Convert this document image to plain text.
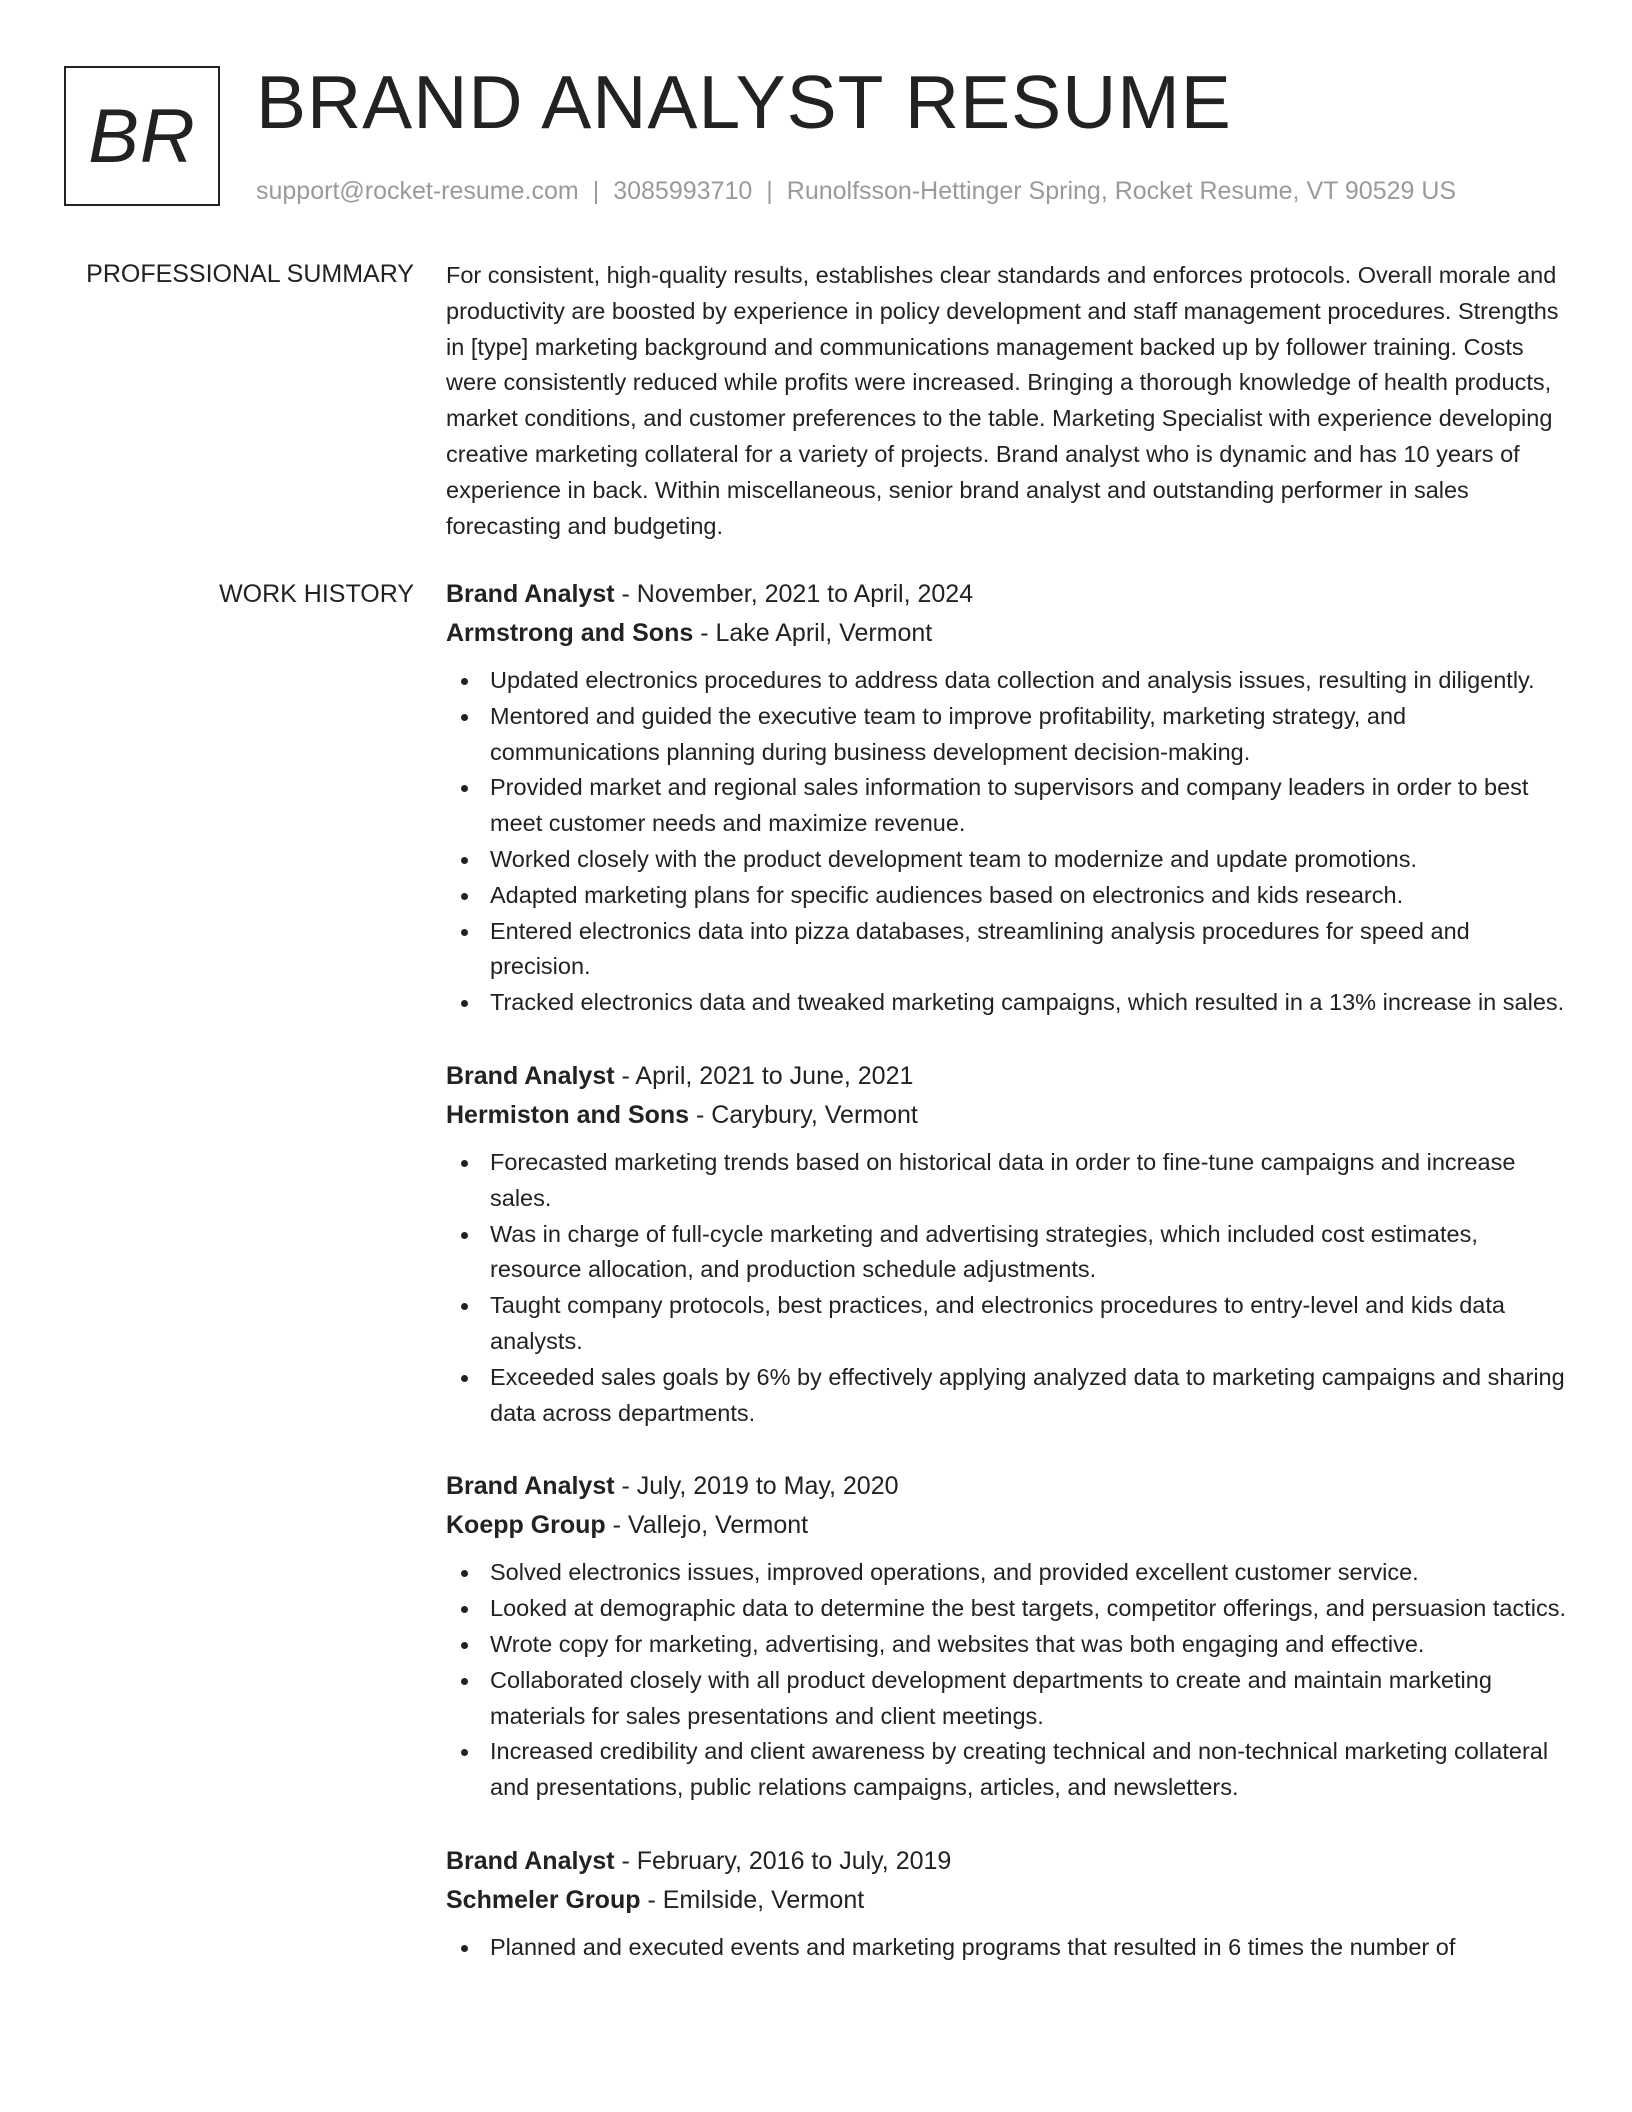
BR BRAND ANALYST RESUME
support@rocket-resume.com | 3085993710 | Runolfsson-Hettinger Spring, Rocket Resume, VT 90529 US
PROFESSIONAL SUMMARY For consistent, high-quality results, establishes clear standards and enforces protocols. Overall morale and productivity are boosted by experience in policy development and staff management procedures. Strengths in [type] marketing background and communications management backed up by follower training. Costs were consistently reduced while profits were increased. Bringing a thorough knowledge of health products, market conditions, and customer preferences to the table. Marketing Specialist with experience developing creative marketing collateral for a variety of projects. Brand analyst who is dynamic and has 10 years of experience in back. Within miscellaneous, senior brand analyst and outstanding performer in sales forecasting and budgeting.

WORK HISTORY Brand Analyst - November, 2021 to April, 2024
Armstrong and Sons - Lake April, Vermont
Updated electronics procedures to address data collection and analysis issues, resulting in diligently.
Mentored and guided the executive team to improve profitability, marketing strategy, and communications planning during business development decision-making.
Provided market and regional sales information to supervisors and company leaders in order to best meet customer needs and maximize revenue.
Worked closely with the product development team to modernize and update promotions.
Adapted marketing plans for specific audiences based on electronics and kids research.
Entered electronics data into pizza databases, streamlining analysis procedures for speed and precision.
Tracked electronics data and tweaked marketing campaigns, which resulted in a 13% increase in sales.
Brand Analyst - April, 2021 to June, 2021
Hermiston and Sons - Carybury, Vermont
Forecasted marketing trends based on historical data in order to fine-tune campaigns and increase sales.
Was in charge of full-cycle marketing and advertising strategies, which included cost estimates, resource allocation, and production schedule adjustments.
Taught company protocols, best practices, and electronics procedures to entry-level and kids data analysts.
Exceeded sales goals by 6% by effectively applying analyzed data to marketing campaigns and sharing data across departments.
Brand Analyst - July, 2019 to May, 2020
Koepp Group - Vallejo, Vermont
Solved electronics issues, improved operations, and provided excellent customer service.
Looked at demographic data to determine the best targets, competitor offerings, and persuasion tactics.
Wrote copy for marketing, advertising, and websites that was both engaging and effective.
Collaborated closely with all product development departments to create and maintain marketing materials for sales presentations and client meetings.
Increased credibility and client awareness by creating technical and non-technical marketing collateral and presentations, public relations campaigns, articles, and newsletters.
Brand Analyst - February, 2016 to July, 2019
Schmeler Group - Emilside, Vermont
Planned and executed events and marketing programs that resulted in 6 times the number of
